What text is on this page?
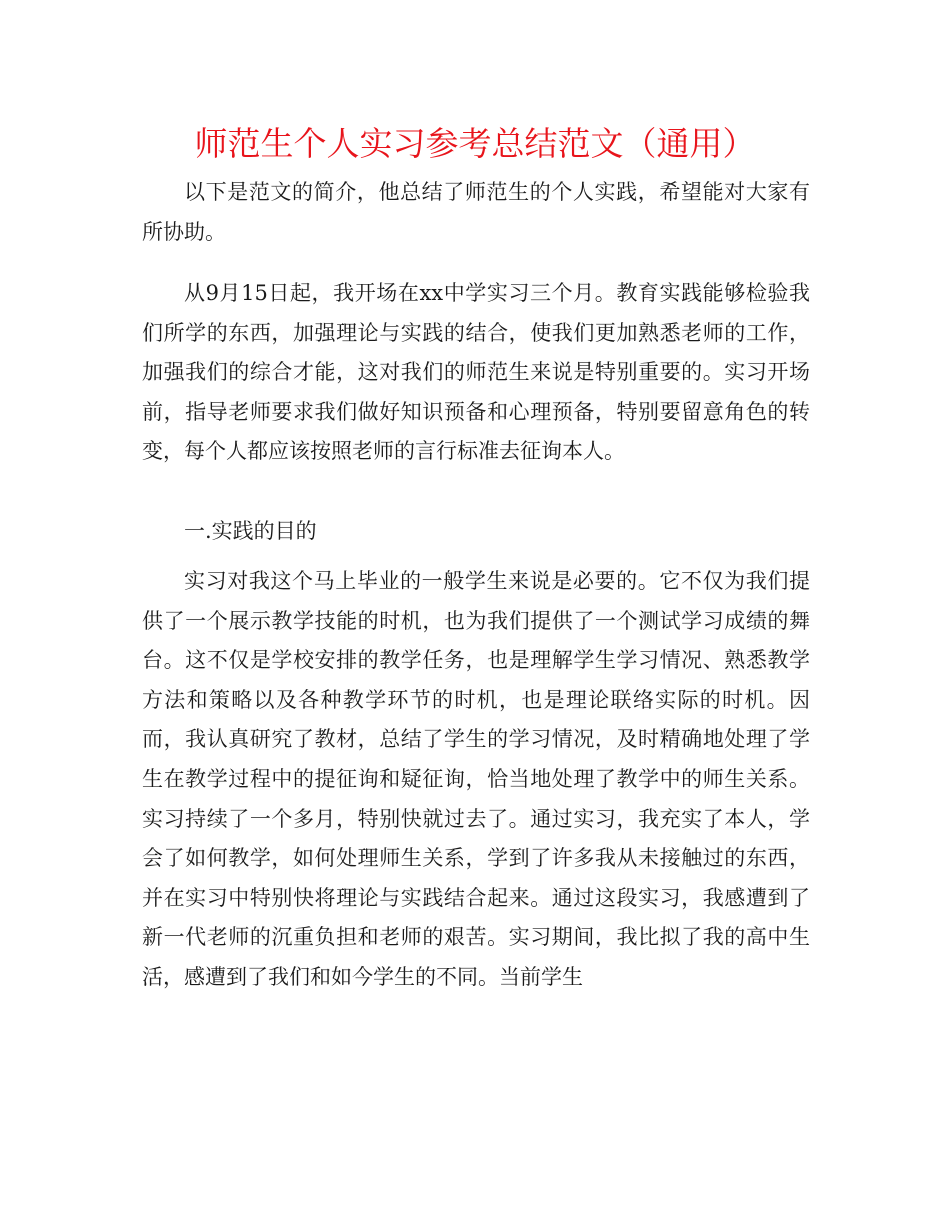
师范生个人实习参考总结范文（通用）

以下是范文的简介，他总结了师范生的个人实践，希望能对大家有所协助。

从9月15日起，我开场在xx中学实习三个月。教育实践能够检验我们所学的东西，加强理论与实践的结合，使我们更加熟悉老师的工作，加强我们的综合才能，这对我们的师范生来说是特别重要的。实习开场前，指导老师要求我们做好知识预备和心理预备，特别要留意角色的转变，每个人都应该按照老师的言行标准去征询本人。

一.实践的目的

实习对我这个马上毕业的一般学生来说是必要的。它不仅为我们提供了一个展示教学技能的时机，也为我们提供了一个测试学习成绩的舞台。这不仅是学校安排的教学任务，也是理解学生学习情况、熟悉教学方法和策略以及各种教学环节的时机，也是理论联络实际的时机。因而，我认真研究了教材，总结了学生的学习情况，及时精确地处理了学生在教学过程中的提征询和疑征询，恰当地处理了教学中的师生关系。实习持续了一个多月，特别快就过去了。通过实习，我充实了本人，学会了如何教学，如何处理师生关系，学到了许多我从未接触过的东西，并在实习中特别快将理论与实践结合起来。通过这段实习，我感遭到了新一代老师的沉重负担和老师的艰苦。实习期间，我比拟了我的高中生活，感遭到了我们和如今学生的不同。当前学生
